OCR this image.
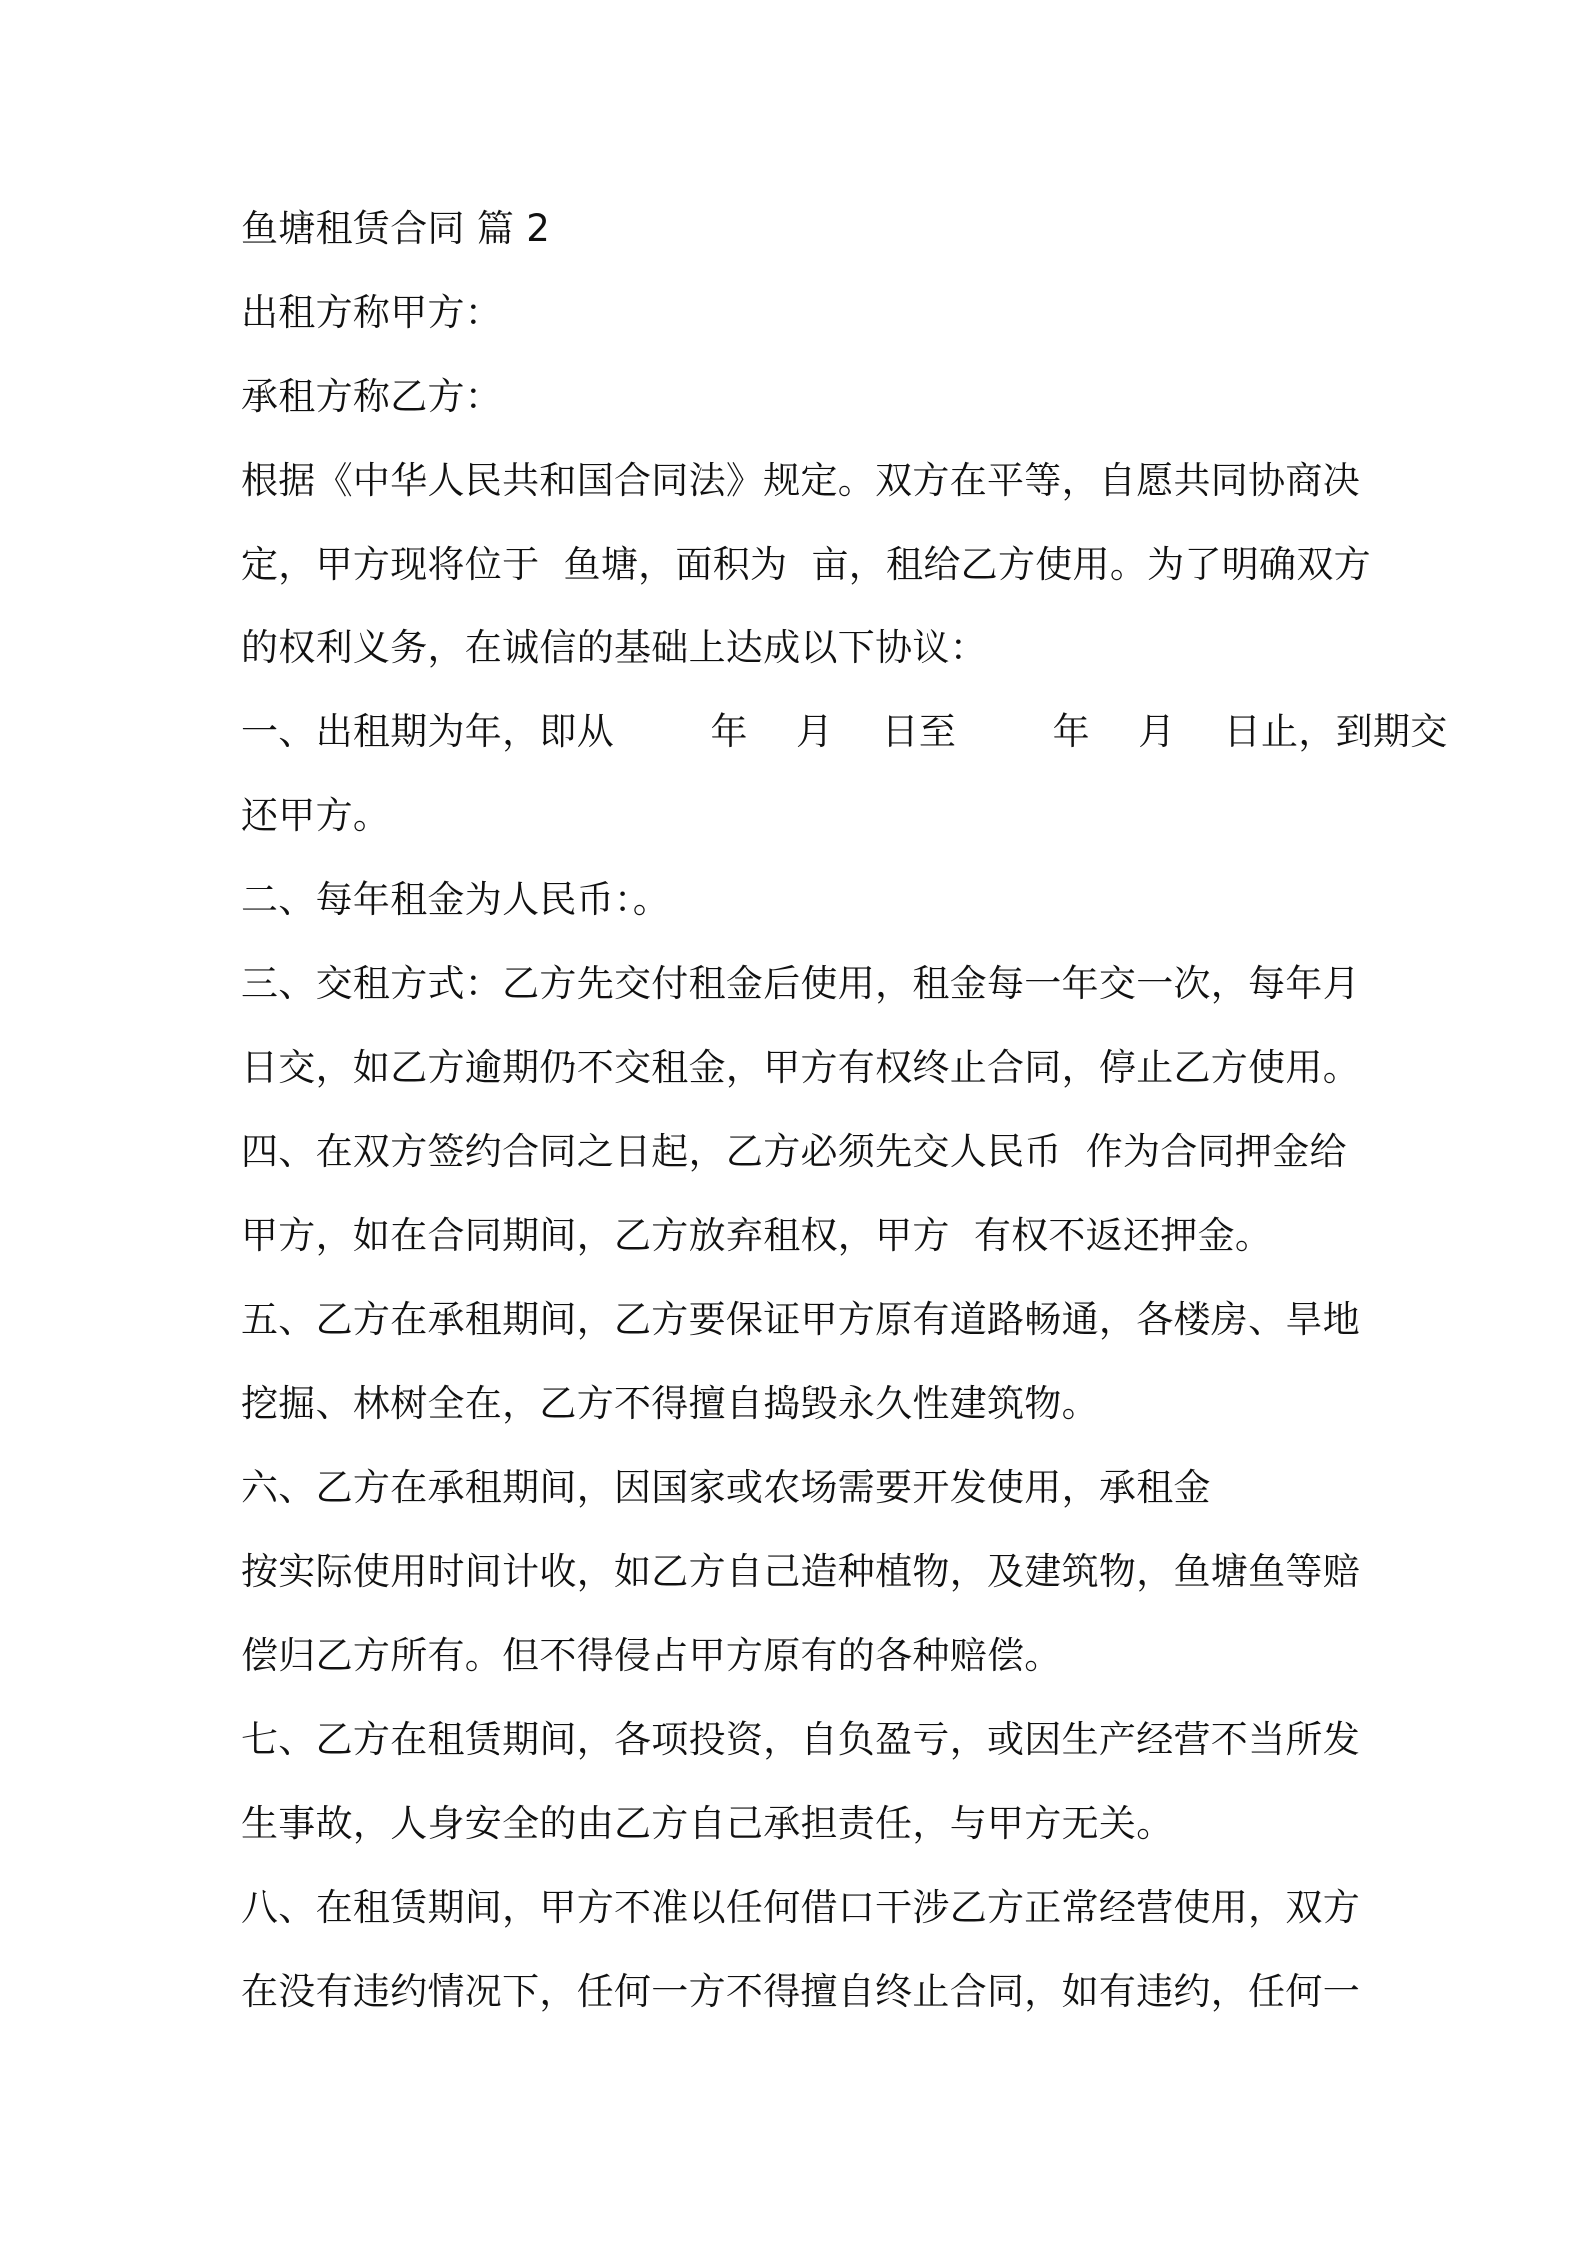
鱼塘租赁合同 篇 2
出租方称甲方：
承租方称乙方：
根据《中华人民共和国合同法》规定。双方在平等，自愿共同协商决
定，甲方现将位于  鱼塘，面积为  亩，租给乙方使用。为了明确双方
的权利义务，在诚信的基础上达成以下协议：
一、出租期为年，即从        年    月    日至        年    月    日止，到期交
还甲方。
二、每年租金为人民币：。
三、交租方式：乙方先交付租金后使用，租金每一年交一次，每年月
日交，如乙方逾期仍不交租金，甲方有权终止合同，停止乙方使用。
四、在双方签约合同之日起，乙方必须先交人民币  作为合同押金给
甲方，如在合同期间，乙方放弃租权，甲方  有权不返还押金。
五、乙方在承租期间，乙方要保证甲方原有道路畅通，各楼房、旱地
挖掘、林树全在，乙方不得擅自捣毁永久性建筑物。
六、乙方在承租期间，因国家或农场需要开发使用，承租金
按实际使用时间计收，如乙方自己造种植物，及建筑物，鱼塘鱼等赔
偿归乙方所有。但不得侵占甲方原有的各种赔偿。
七、乙方在租赁期间，各项投资，自负盈亏，或因生产经营不当所发
生事故，人身安全的由乙方自己承担责任，与甲方无关。
八、在租赁期间，甲方不准以任何借口干涉乙方正常经营使用，双方
在没有违约情况下，任何一方不得擅自终止合同，如有违约，任何一
